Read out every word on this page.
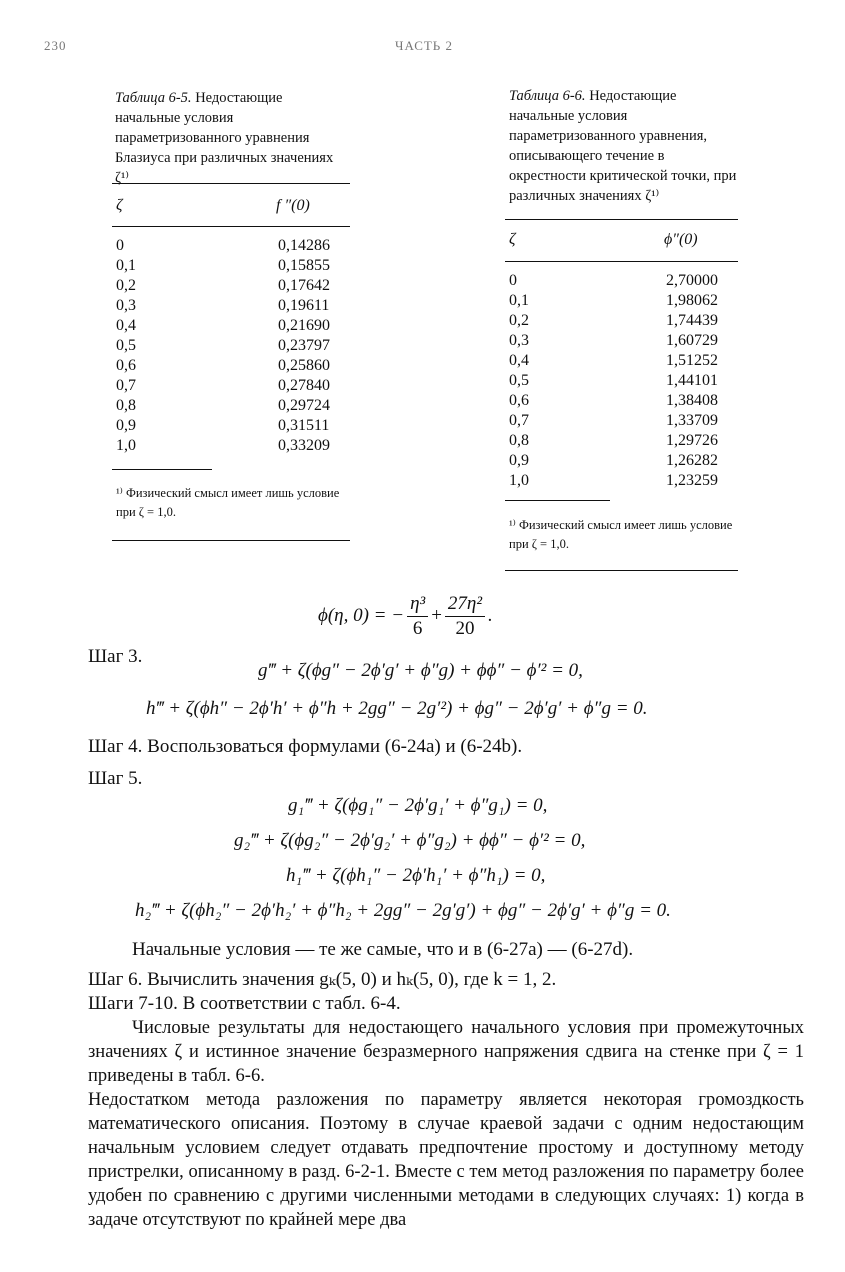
230	ЧАСТЬ 2
Таблица 6-5. Недостающие начальные условия параметризованного уравнения Блазиуса при различных значениях ζ¹⁾
ζ	f ″(0)
0	0,14286
0,1	0,15855
0,2	0,17642
0,3	0,19611
0,4	0,21690
0,5	0,23797
0,6	0,25860
0,7	0,27840
0,8	0,29724
0,9	0,31511
1,0	0,33209
¹⁾ Физический смысл имеет лишь условие при ζ = 1,0.
Таблица 6-6. Недостающие начальные условия параметризованного уравнения, описывающего течение в окрестности критической точки, при различных значениях ζ¹⁾
ζ	ϕ″(0)
0	2,70000
0,1	1,98062
0,2	1,74439
0,3	1,60729
0,4	1,51252
0,5	1,44101
0,6	1,38408
0,7	1,33709
0,8	1,29726
0,9	1,26282
1,0	1,23259
¹⁾ Физический смысл имеет лишь условие при ζ = 1,0.
ϕ(η, 0) = − $\frac{\text{η³}}{6} + \frac{\text{27η²}}{20}$ .
Шаг 3.
g‴ + ζ(ϕg″ − 2ϕ′g′ + ϕ″g) + ϕϕ″ − ϕ′² = 0,
h‴ + ζ(ϕh″ − 2ϕ′h′ + ϕ″h + 2gg″ − 2g′²) + ϕg″ − 2ϕ′g′ + ϕ″g = 0.
Шаг 4. Воспользоваться формулами (6-24a) и (6-24b).
Шаг 5.
g₁‴ + ζ(ϕg₁″ − 2ϕ′g₁′ + ϕ″g₁) = 0,
g₂‴ + ζ(ϕg₂″ − 2ϕ′g₂′ + ϕ″g₂) + ϕϕ″ − ϕ′² = 0,
h₁‴ + ζ(ϕh₁″ − 2ϕ′h₁′ + ϕ″h₁) = 0,
h₂‴ + ζ(ϕh₂″ − 2ϕ′h₂′ + ϕ″h₂ + 2gg″ − 2g′g′) + ϕg″ − 2ϕ′g′ + ϕ″g = 0.
Начальные условия — те же самые, что и в (6-27a) — (6-27d).
Шаг 6. Вычислить значения gₖ(5, 0) и hₖ(5, 0), где k = 1, 2.
Шаги 7-10. В соответствии с табл. 6-4.
Числовые результаты для недостающего начального условия при промежуточных значениях ζ и истинное значение безразмерного напряжения сдвига на стенке при ζ = 1 приведены в табл. 6-6.
Недостатком метода разложения по параметру является некоторая громоздкость математического описания. Поэтому в случае краевой задачи с одним недостающим начальным условием следует отдавать предпочтение простому и доступному методу пристрелки, описанному в разд. 6-2-1. Вместе с тем метод разложения по параметру более удобен по сравнению с другими численными методами в следующих случаях: 1) когда в задаче отсутствуют по крайней мере два
